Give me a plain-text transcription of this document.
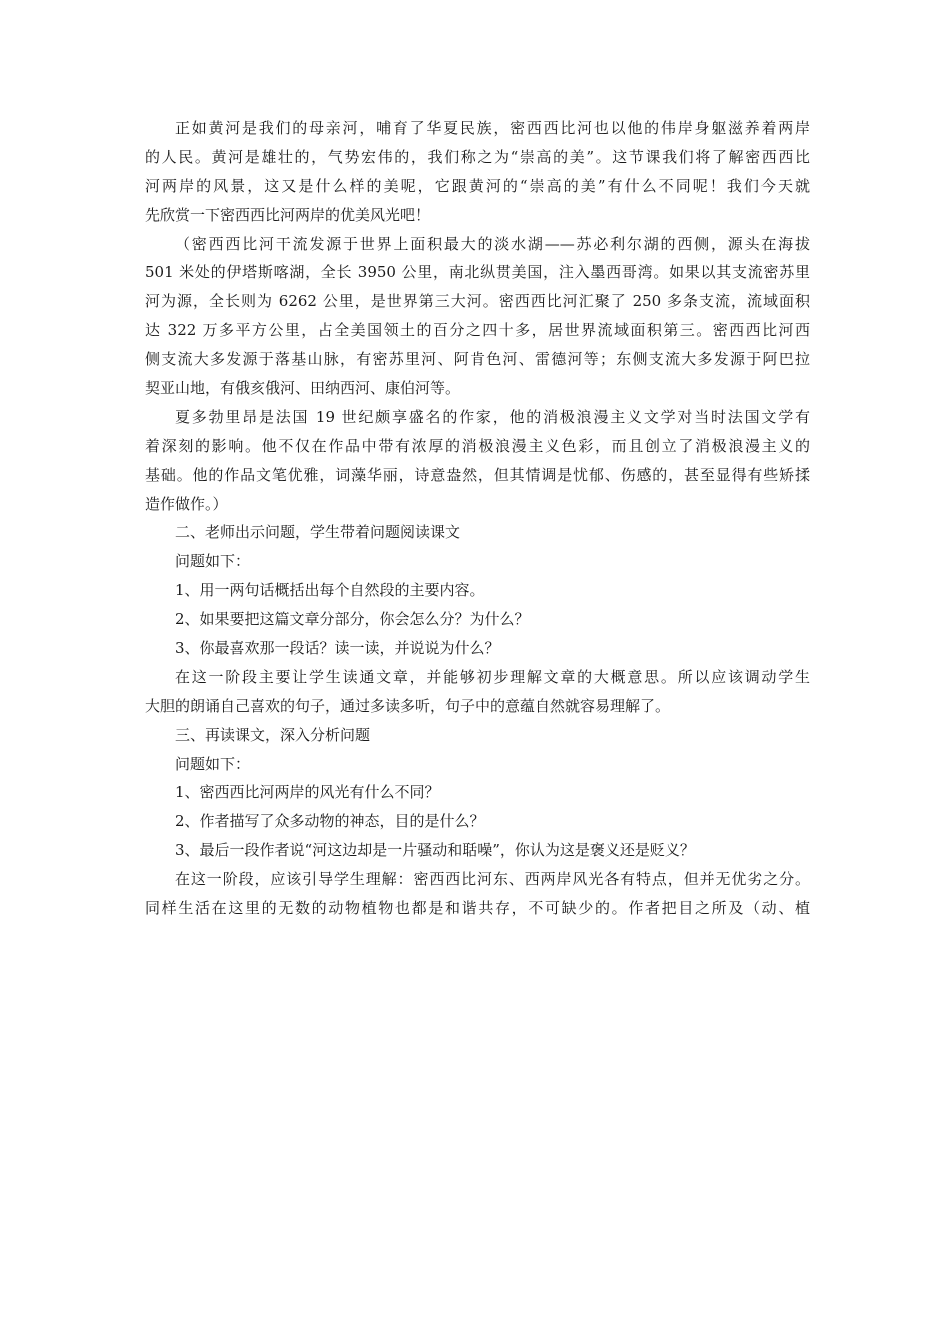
正如黄河是我们的母亲河，哺育了华夏民族，密西西比河也以他的伟岸身躯滋养着两岸
的人民。黄河是雄壮的，气势宏伟的，我们称之为“崇高的美”。这节课我们将了解密西西比
河两岸的风景，这又是什么样的美呢，它跟黄河的“崇高的美”有什么不同呢！我们今天就
先欣赏一下密西西比河两岸的优美风光吧！
（密西西比河干流发源于世界上面积最大的淡水湖——苏必利尔湖的西侧，源头在海拔
501 米处的伊塔斯喀湖，全长 3950 公里，南北纵贯美国，注入墨西哥湾。如果以其支流密苏里
河为源，全长则为 6262 公里，是世界第三大河。密西西比河汇聚了 250 多条支流，流域面积
达 322 万多平方公里，占全美国领土的百分之四十多，居世界流域面积第三。密西西比河西
侧支流大多发源于落基山脉，有密苏里河、阿肯色河、雷德河等；东侧支流大多发源于阿巴拉
契亚山地，有俄亥俄河、田纳西河、康伯河等。
夏多勃里昂是法国 19 世纪颇享盛名的作家，他的消极浪漫主义文学对当时法国文学有
着深刻的影响。他不仅在作品中带有浓厚的消极浪漫主义色彩，而且创立了消极浪漫主义的
基础。他的作品文笔优雅，词藻华丽，诗意盎然，但其情调是忧郁、伤感的，甚至显得有些矫揉
造作做作。）
二、老师出示问题，学生带着问题阅读课文
问题如下：
1、用一两句话概括出每个自然段的主要内容。
2、如果要把这篇文章分部分，你会怎么分？为什么？
3、你最喜欢那一段话？读一读，并说说为什么？
在这一阶段主要让学生读通文章，并能够初步理解文章的大概意思。所以应该调动学生
大胆的朗诵自己喜欢的句子，通过多读多听，句子中的意蕴自然就容易理解了。
三、再读课文，深入分析问题
问题如下：
1、密西西比河两岸的风光有什么不同？
2、作者描写了众多动物的神态，目的是什么？
3、最后一段作者说“河这边却是一片骚动和聒噪”，你认为这是褒义还是贬义？
在这一阶段，应该引导学生理解：密西西比河东、西两岸风光各有特点，但并无优劣之分。
同样生活在这里的无数的动物植物也都是和谐共存，不可缺少的。作者把目之所及（动、植
